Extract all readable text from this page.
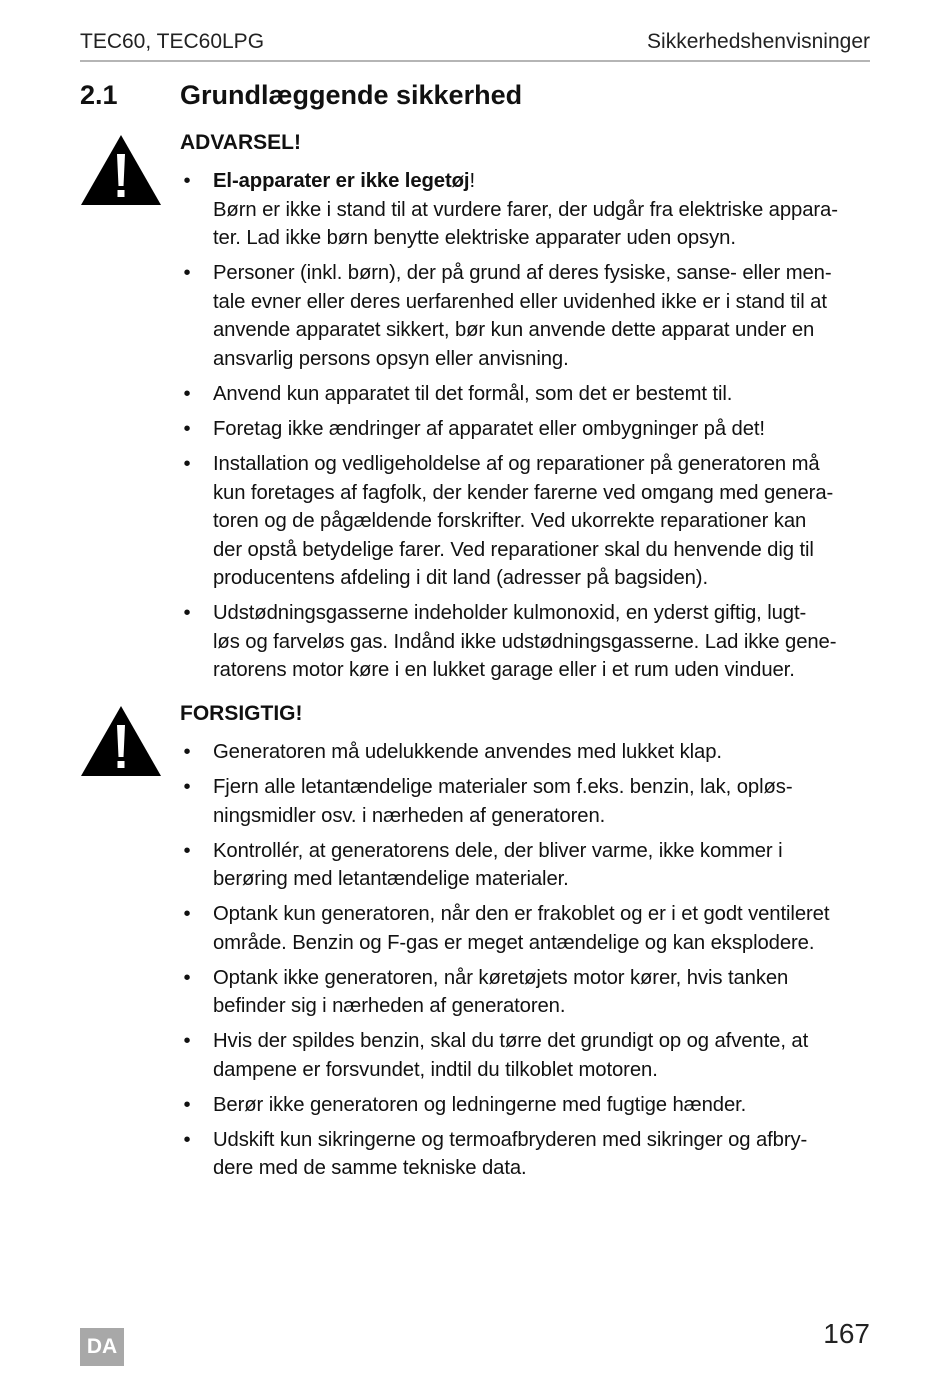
TEC60, TEC60LPG	Sikkerhedshenvisninger
2.1	Grundlæggende sikkerhed
ADVARSEL!
• El-apparater er ikke legetøj!
Børn er ikke i stand til at vurdere farer, der udgår fra elektriske appara-
ter. Lad ikke børn benytte elektriske apparater uden opsyn.
• Personer (inkl. børn), der på grund af deres fysiske, sanse- eller men-
tale evner eller deres uerfarenhed eller uvidenhed ikke er i stand til at
anvende apparatet sikkert, bør kun anvende dette apparat under en
ansvarlig persons opsyn eller anvisning.
• Anvend kun apparatet til det formål, som det er bestemt til.
• Foretag ikke ændringer af apparatet eller ombygninger på det!
• Installation og vedligeholdelse af og reparationer på generatoren må
kun foretages af fagfolk, der kender farerne ved omgang med genera-
toren og de pågældende forskrifter. Ved ukorrekte reparationer kan
der opstå betydelige farer. Ved reparationer skal du henvende dig til
producentens afdeling i dit land (adresser på bagsiden).
• Udstødningsgasserne indeholder kulmonoxid, en yderst giftig, lugt-
løs og farveløs gas. Indånd ikke udstødningsgasserne. Lad ikke gene-
ratorens motor køre i en lukket garage eller i et rum uden vinduer.
FORSIGTIG!
• Generatoren må udelukkende anvendes med lukket klap.
• Fjern alle letantændelige materialer som f.eks. benzin, lak, opløs-
ningsmidler osv. i nærheden af generatoren.
• Kontrollér, at generatorens dele, der bliver varme, ikke kommer i
berøring med letantændelige materialer.
• Optank kun generatoren, når den er frakoblet og er i et godt ventileret
område. Benzin og F-gas er meget antændelige og kan eksplodere.
• Optank ikke generatoren, når køretøjets motor kører, hvis tanken
befinder sig i nærheden af generatoren.
• Hvis der spildes benzin, skal du tørre det grundigt op og afvente, at
dampene er forsvundet, indtil du tilkoblet motoren.
• Berør ikke generatoren og ledningerne med fugtige hænder.
• Udskift kun sikringerne og termoafbryderen med sikringer og afbry-
dere med de samme tekniske data.
DA	167
